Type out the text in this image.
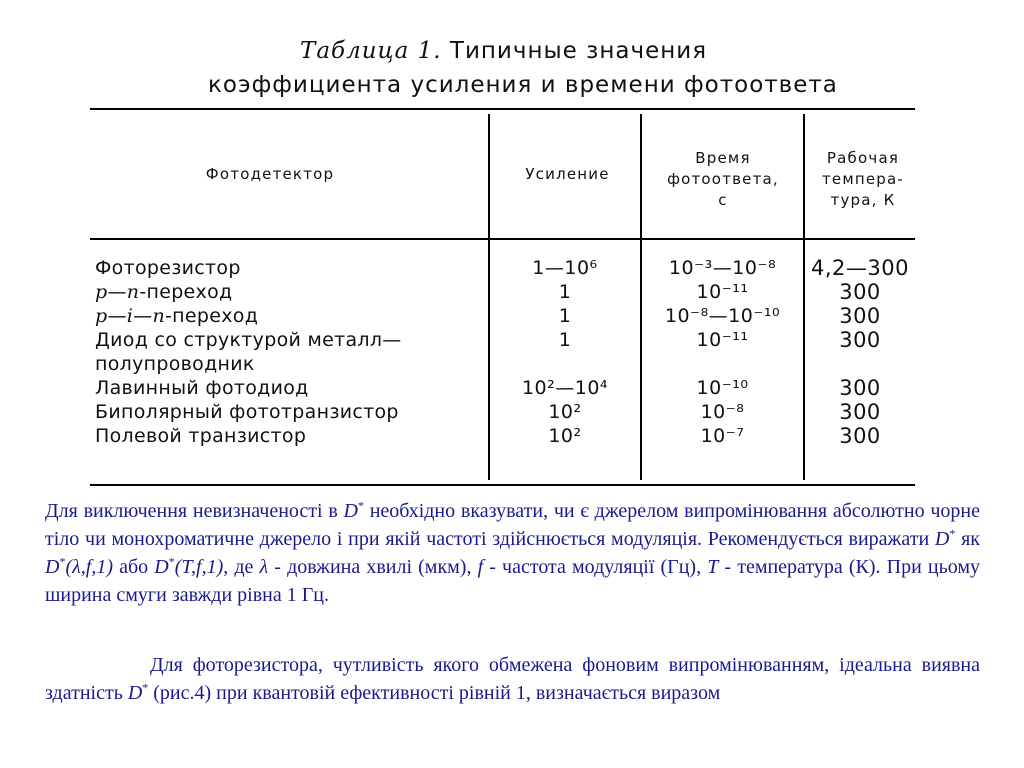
Таблица 1. Типичные значения
коэффициента усиления и времени фотоответа
Фотодетектор	Усиление
Время
фотоответа,
с
Рабочая
темпера-
тура, К
Фоторезистор
p—n-переход
p—i—n-переход
Диод со структурой металл—
полупроводник
Лавинный фотодиод
Биполярный фототранзистор
Полевой транзистор
1—10⁶
1
1
1
10²—10⁴
10²
10²
10⁻³—10⁻⁸
10⁻¹¹
10⁻⁸—10⁻¹⁰
10⁻¹¹
10⁻¹⁰
10⁻⁸
10⁻⁷
4,2—300
300
300
300
300
300
300
Для виключення невизначеності в D* необхідно вказувати, чи є джерелом випромінювання абсолютно чорне тіло чи монохроматичне джерело і при якій частоті здійснюється модуляція. Рекомендується виражати D* як D*(λ,f,1) або D*(T,f,1), де λ - довжина хвилі (мкм), f - частота модуляції (Гц), T - температура (К). При цьому ширина смуги завжди рівна 1 Гц.
Для фоторезистора, чутливість якого обмежена фоновим випромінюванням, ідеальна виявна здатність D* (рис.4) при квантовій ефективності рівній 1, визначається виразом
